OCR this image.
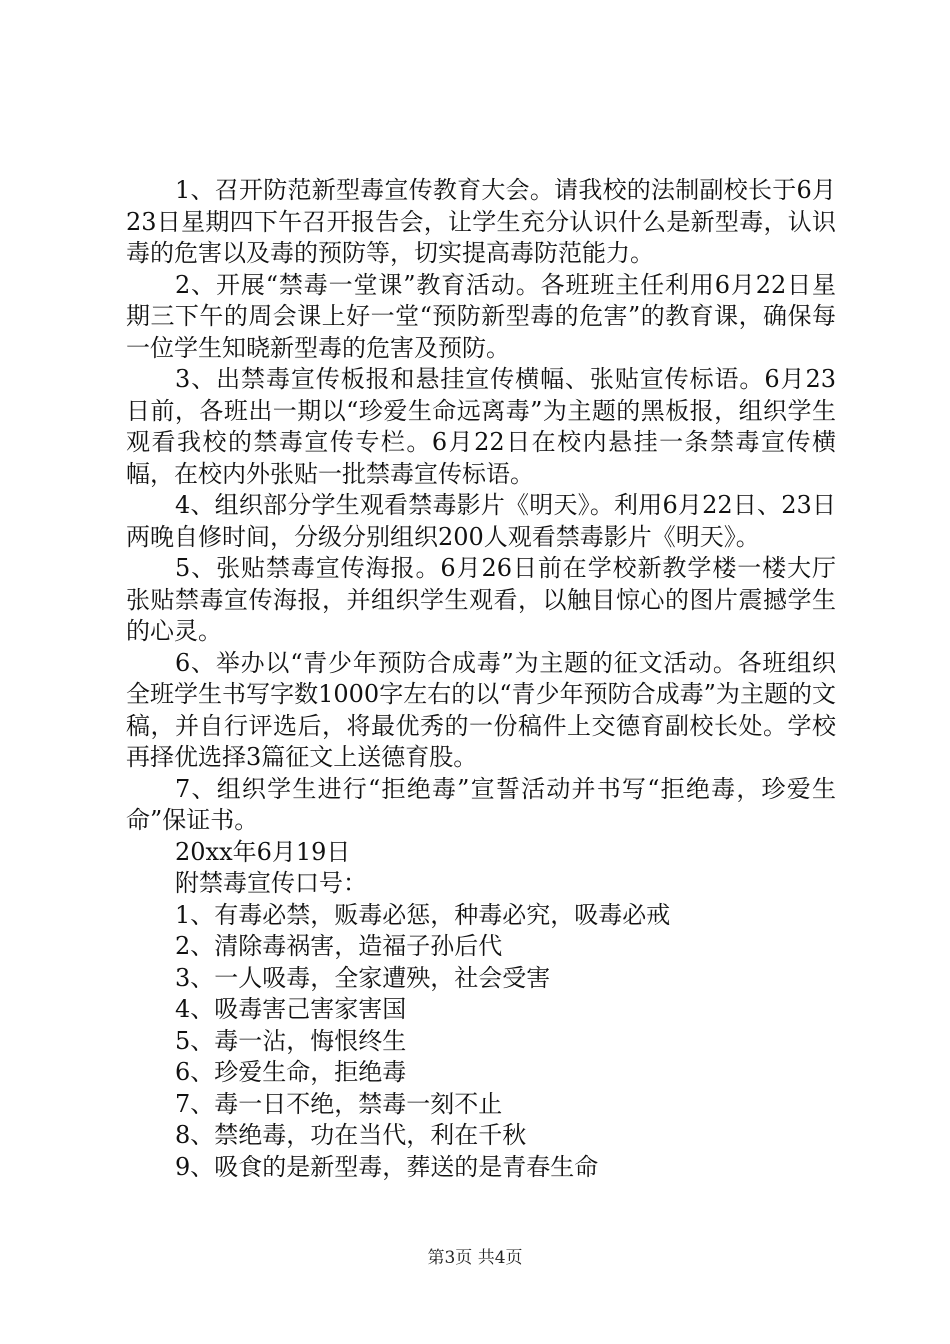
1、召开防范新型毒宣传教育大会。请我校的法制副校长于6月23日星期四下午召开报告会，让学生充分认识什么是新型毒，认识毒的危害以及毒的预防等，切实提高毒防范能力。

2、开展“禁毒一堂课”教育活动。各班班主任利用6月22日星期三下午的周会课上好一堂“预防新型毒的危害”的教育课，确保每一位学生知晓新型毒的危害及预防。

3、出禁毒宣传板报和悬挂宣传横幅、张贴宣传标语。6月23日前，各班出一期以“珍爱生命远离毒”为主题的黑板报，组织学生观看我校的禁毒宣传专栏。6月22日在校内悬挂一条禁毒宣传横幅，在校内外张贴一批禁毒宣传标语。

4、组织部分学生观看禁毒影片《明天》。利用6月22日、23日两晚自修时间，分级分别组织200人观看禁毒影片《明天》。

5、张贴禁毒宣传海报。6月26日前在学校新教学楼一楼大厅张贴禁毒宣传海报，并组织学生观看，以触目惊心的图片震撼学生的心灵。

6、举办以“青少年预防合成毒”为主题的征文活动。各班组织全班学生书写字数1000字左右的以“青少年预防合成毒”为主题的文稿，并自行评选后，将最优秀的一份稿件上交德育副校长处。学校再择优选择3篇征文上送德育股。

7、组织学生进行“拒绝毒”宣誓活动并书写“拒绝毒，珍爱生命”保证书。

20xx年6月19日

附禁毒宣传口号：

1、有毒必禁，贩毒必惩，种毒必究，吸毒必戒

2、清除毒祸害，造福子孙后代

3、一人吸毒，全家遭殃，社会受害

4、吸毒害己害家害国

5、毒一沾，悔恨终生

6、珍爱生命，拒绝毒

7、毒一日不绝，禁毒一刻不止

8、禁绝毒，功在当代，利在千秋

9、吸食的是新型毒，葬送的是青春生命

第3页 共4页
